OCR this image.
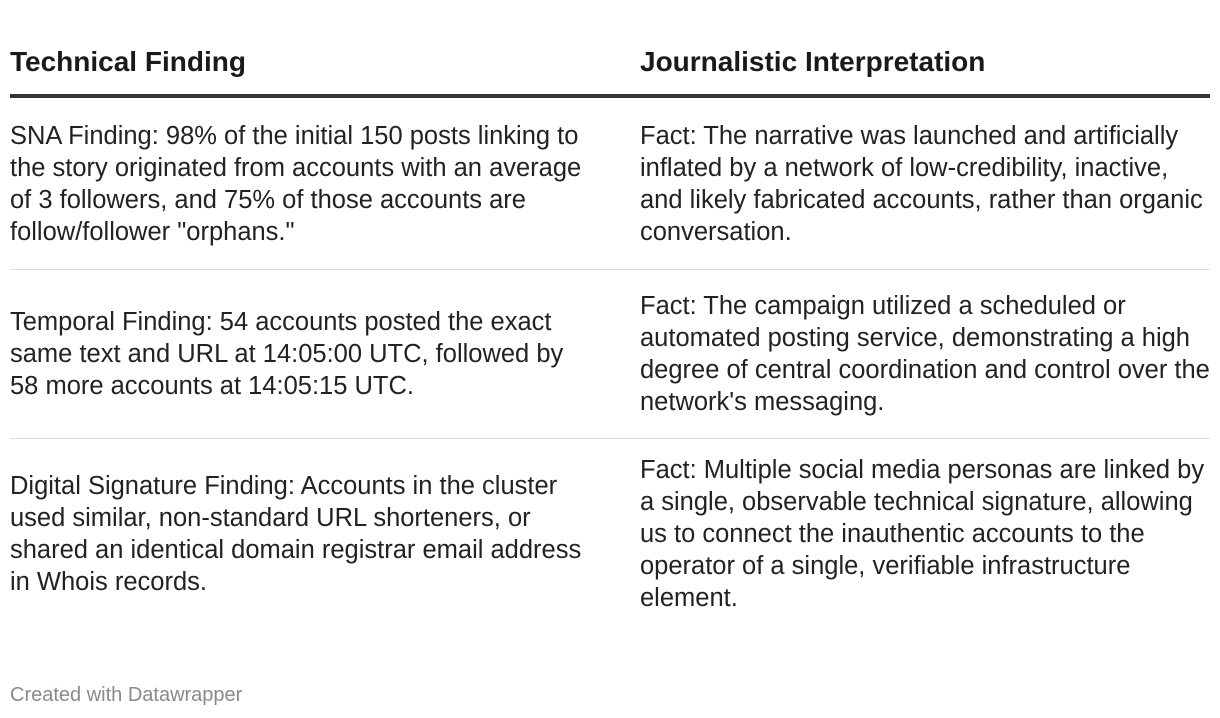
Technical Finding	Journalistic Interpretation
SNA Finding: 98% of the initial 150 posts linking to the story originated from accounts with an average of 3 followers, and 75% of those accounts are follow/follower "orphans."
Fact: The narrative was launched and artificially inflated by a network of low-credibility, inactive, and likely fabricated accounts, rather than organic conversation.
Temporal Finding: 54 accounts posted the exact same text and URL at 14:05:00 UTC, followed by 58 more accounts at 14:05:15 UTC.
Fact: The campaign utilized a scheduled or automated posting service, demonstrating a high degree of central coordination and control over the network's messaging.
Digital Signature Finding: Accounts in the cluster used similar, non-standard URL shorteners, or shared an identical domain registrar email address in Whois records.
Fact: Multiple social media personas are linked by a single, observable technical signature, allowing us to connect the inauthentic accounts to the operator of a single, verifiable infrastructure element.
Created with Datawrapper
